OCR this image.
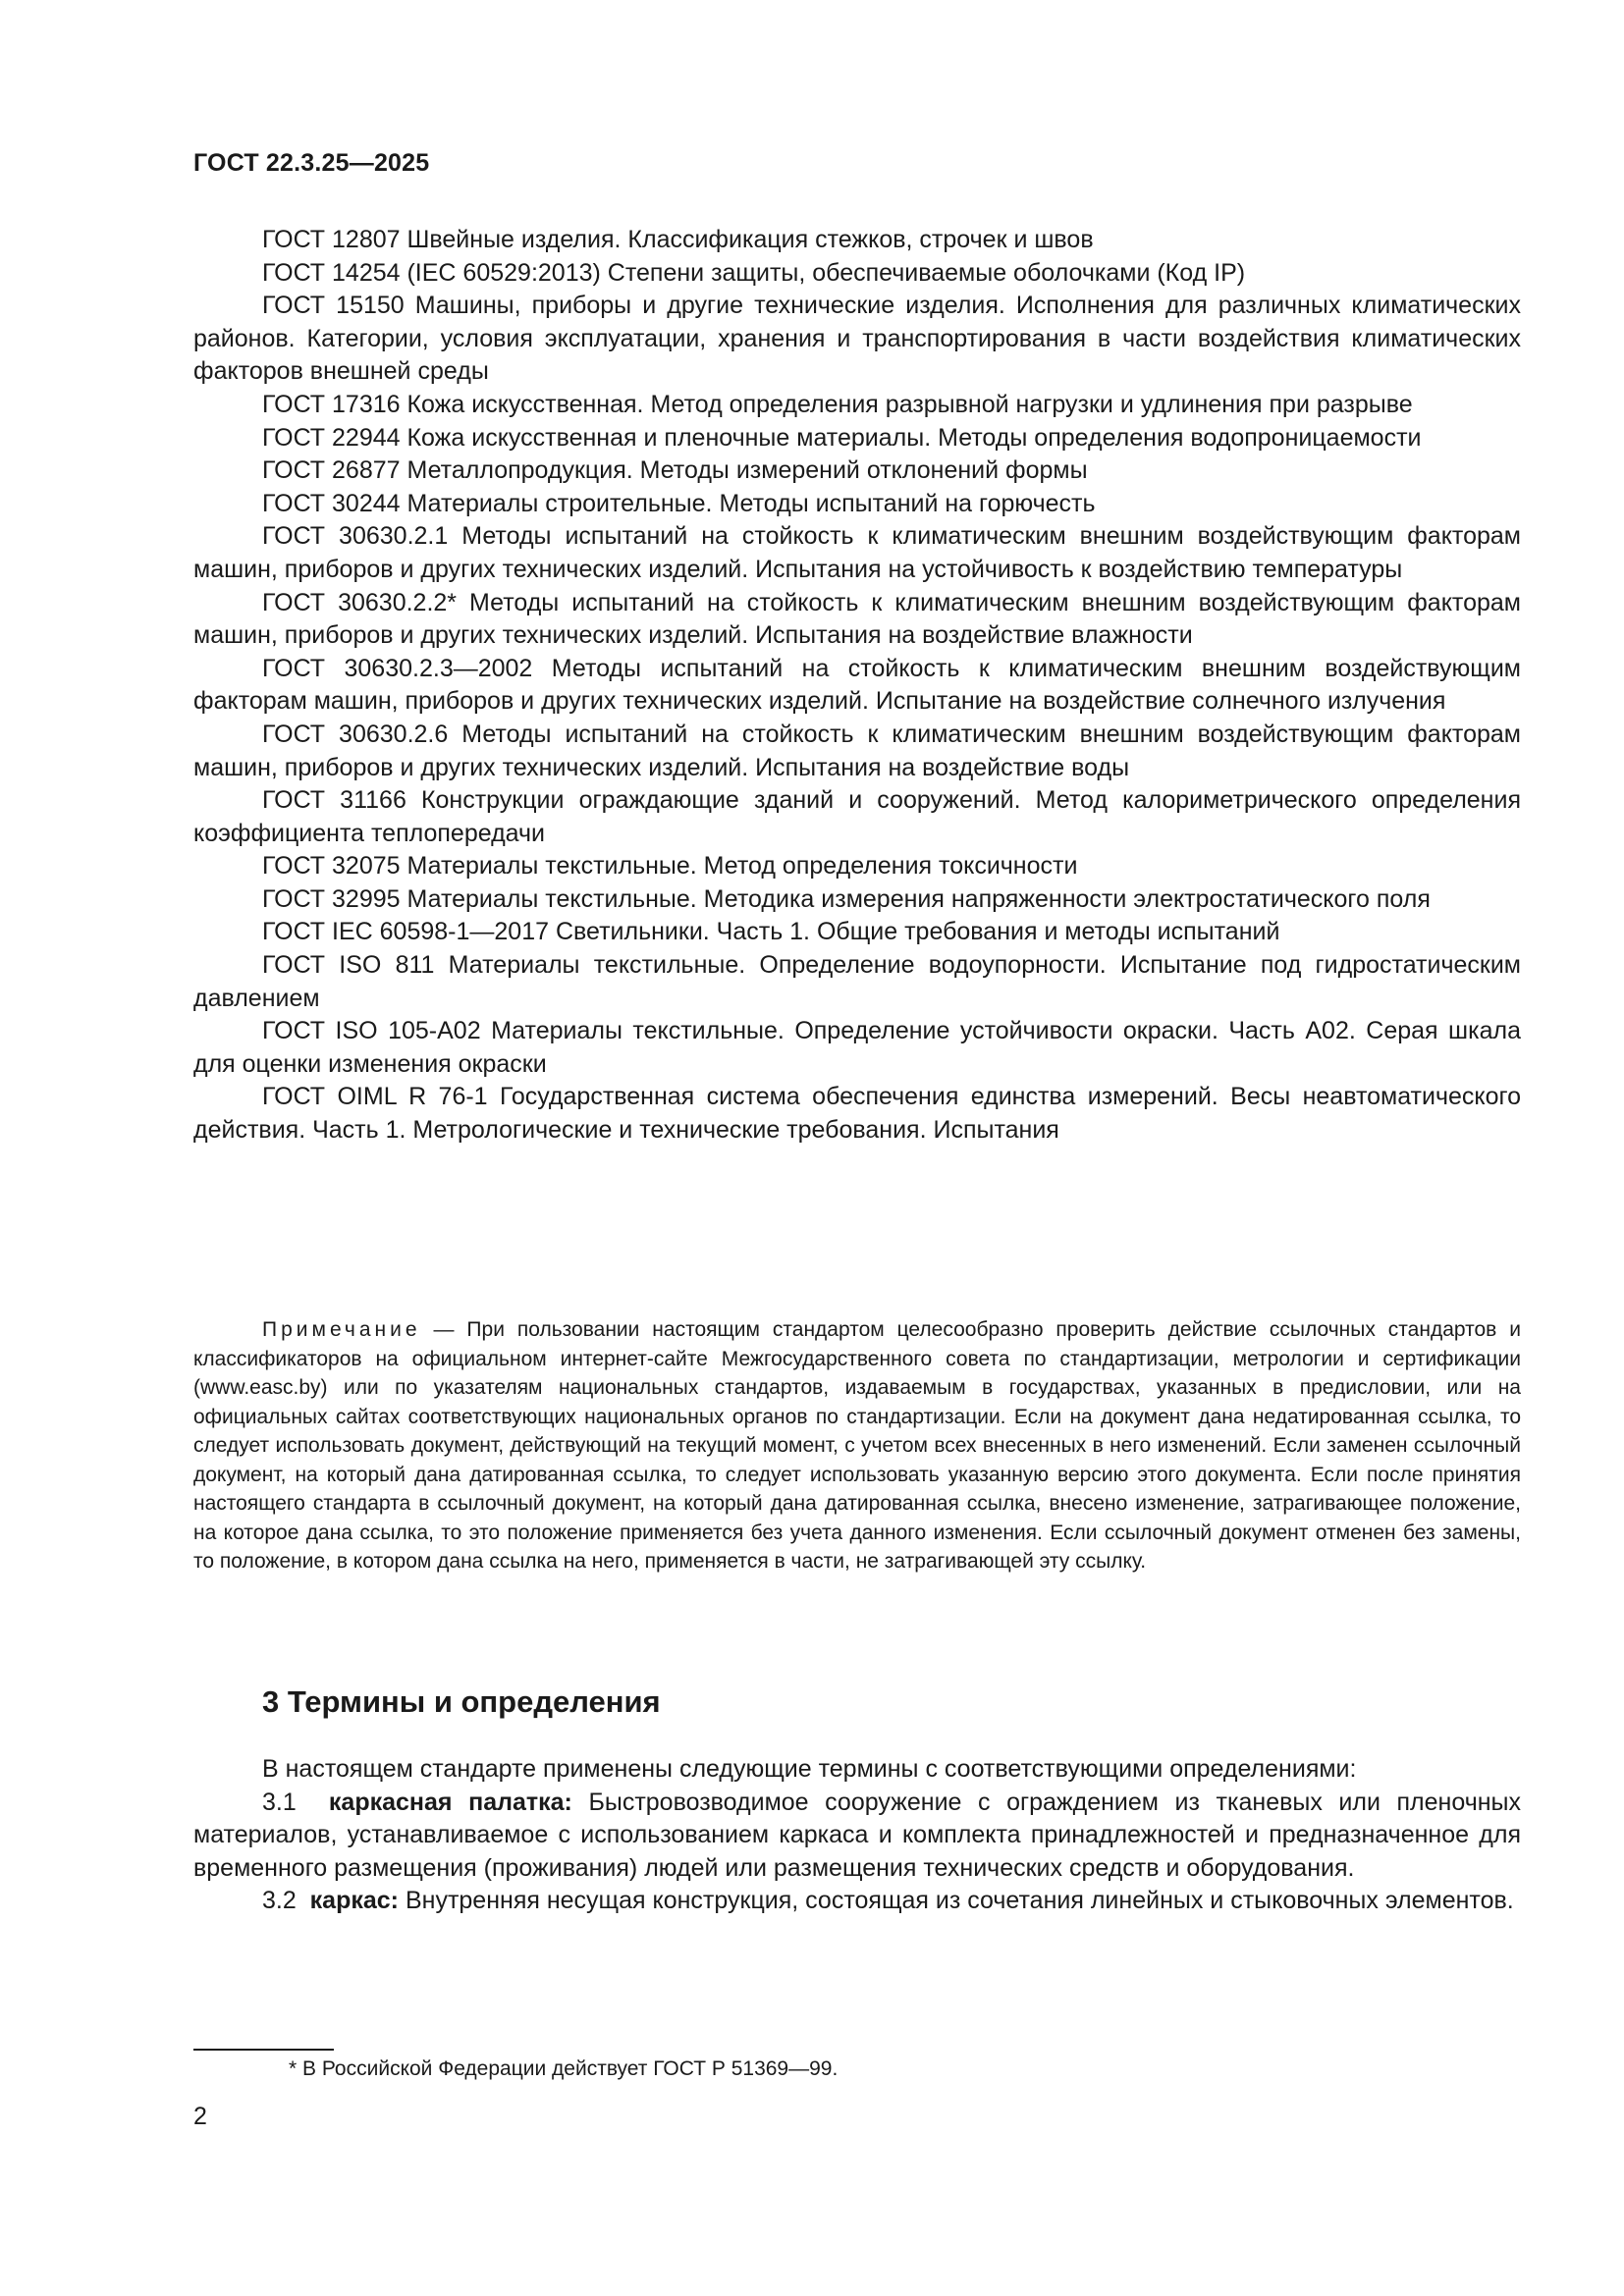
ГОСТ 22.3.25—2025

ГОСТ 12807 Швейные изделия. Классификация стежков, строчек и швов

ГОСТ 14254 (IEC 60529:2013) Степени защиты, обеспечиваемые оболочками (Код IP)

ГОСТ 15150 Машины, приборы и другие технические изделия. Исполнения для различных климатических районов. Категории, условия эксплуатации, хранения и транспортирования в части воздействия климатических факторов внешней среды

ГОСТ 17316 Кожа искусственная. Метод определения разрывной нагрузки и удлинения при разрыве

ГОСТ 22944 Кожа искусственная и пленочные материалы. Методы определения водопроницаемости

ГОСТ 26877 Металлопродукция. Методы измерений отклонений формы

ГОСТ 30244 Материалы строительные. Методы испытаний на горючесть

ГОСТ 30630.2.1 Методы испытаний на стойкость к климатическим внешним воздействующим факторам машин, приборов и других технических изделий. Испытания на устойчивость к воздействию температуры

ГОСТ 30630.2.2* Методы испытаний на стойкость к климатическим внешним воздействующим факторам машин, приборов и других технических изделий. Испытания на воздействие влажности

ГОСТ 30630.2.3—2002 Методы испытаний на стойкость к климатическим внешним воздействующим факторам машин, приборов и других технических изделий. Испытание на воздействие солнечного излучения

ГОСТ 30630.2.6 Методы испытаний на стойкость к климатическим внешним воздействующим факторам машин, приборов и других технических изделий. Испытания на воздействие воды

ГОСТ 31166 Конструкции ограждающие зданий и сооружений. Метод калориметрического определения коэффициента теплопередачи

ГОСТ 32075 Материалы текстильные. Метод определения токсичности

ГОСТ 32995 Материалы текстильные. Методика измерения напряженности электростатического поля

ГОСТ IEC 60598-1—2017 Светильники. Часть 1. Общие требования и методы испытаний

ГОСТ ISO 811 Материалы текстильные. Определение водоупорности. Испытание под гидростатическим давлением

ГОСТ ISO 105-A02 Материалы текстильные. Определение устойчивости окраски. Часть А02. Серая шкала для оценки изменения окраски

ГОСТ OIML R 76-1 Государственная система обеспечения единства измерений. Весы неавтоматического действия. Часть 1. Метрологические и технические требования. Испытания

Примечание — При пользовании настоящим стандартом целесообразно проверить действие ссылочных стандартов и классификаторов на официальном интернет-сайте Межгосударственного совета по стандартизации, метрологии и сертификации (www.easc.by) или по указателям национальных стандартов, издаваемым в государствах, указанных в предисловии, или на официальных сайтах соответствующих национальных органов по стандартизации. Если на документ дана недатированная ссылка, то следует использовать документ, действующий на текущий момент, с учетом всех внесенных в него изменений. Если заменен ссылочный документ, на который дана датированная ссылка, то следует использовать указанную версию этого документа. Если после принятия настоящего стандарта в ссылочный документ, на который дана датированная ссылка, внесено изменение, затрагивающее положение, на которое дана ссылка, то это положение применяется без учета данного изменения. Если ссылочный документ отменен без замены, то положение, в котором дана ссылка на него, применяется в части, не затрагивающей эту ссылку.

3 Термины и определения

В настоящем стандарте применены следующие термины с соответствующими определениями:

3.1 каркасная палатка: Быстровозводимое сооружение с ограждением из тканевых или пленочных материалов, устанавливаемое с использованием каркаса и комплекта принадлежностей и предназначенное для временного размещения (проживания) людей или размещения технических средств и оборудования.

3.2 каркас: Внутренняя несущая конструкция, состоящая из сочетания линейных и стыковочных элементов.

* В Российской Федерации действует ГОСТ Р 51369—99.
2
